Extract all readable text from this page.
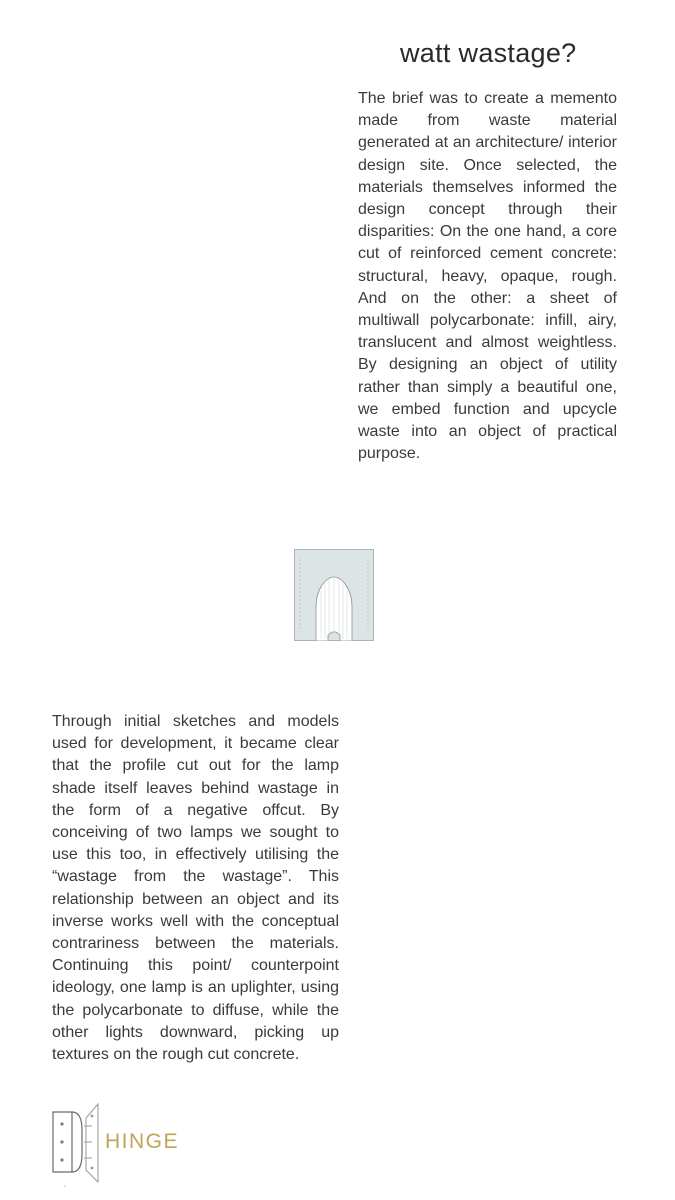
watt wastage?

The brief was to create a memento made from waste material generated at an architecture/ interior design site. Once selected, the materials themselves informed the design concept through their disparities: On the one hand, a core cut of reinforced cement concrete: structural, heavy, opaque, rough. And on the other: a sheet of multiwall polycarbonate: infill, airy, translucent and almost weightless. By designing an object of utility rather than simply a beautiful one, we embed function and upcycle waste into an object of practical purpose.

Through initial sketches and models used for development, it became clear that the profile cut out for the lamp shade itself leaves behind wastage in the form of a negative offcut. By conceiving of two lamps we sought to use this too, in effectively utilising the “wastage from the wastage”. This relationship between an object and its inverse works well with the conceptual contrariness between the materials. Continuing this point/ counterpoint ideology, one lamp is an uplighter, using the polycarbonate to diffuse, while the other lights downward, picking up textures on the rough cut concrete.

HINGE
